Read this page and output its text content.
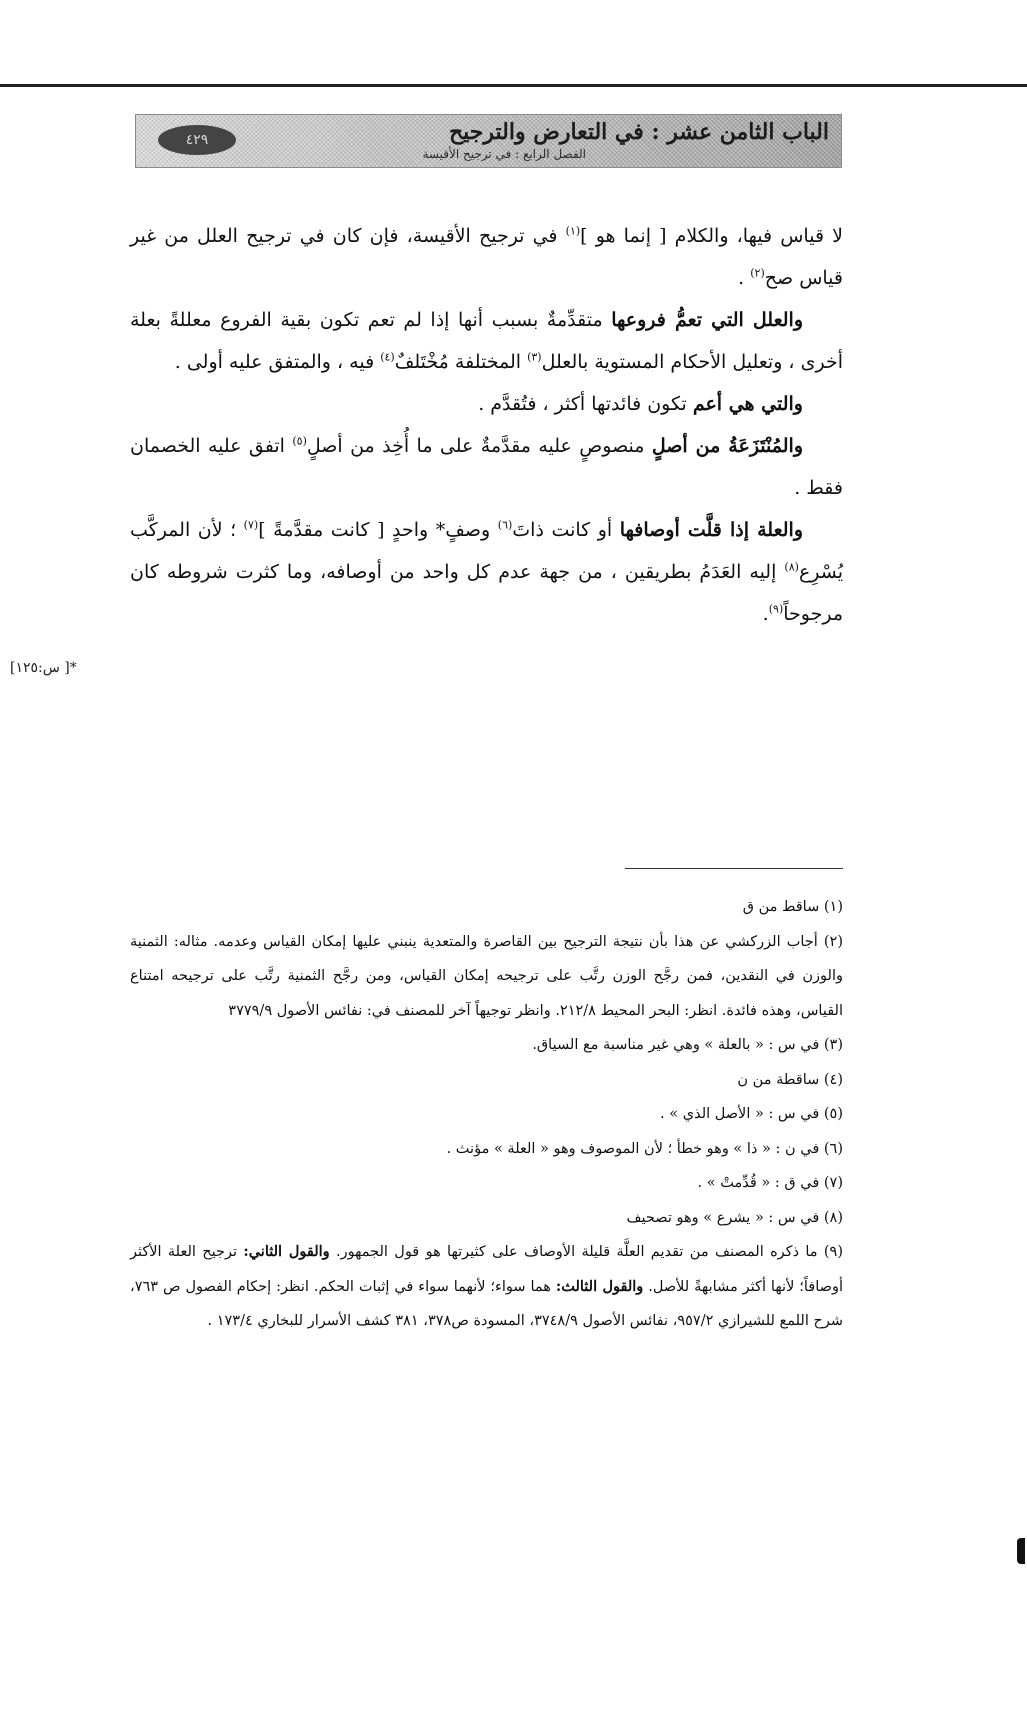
الباب الثامن عشر : في التعارض والترجيح
الفصل الرابع : في ترجيح الأقيسة
٤٢٩

لا قياس فيها، والكلام [ إنما هو ]$^{(١)}$ في ترجيح الأقيسة، فإن كان في ترجيح العلل من غير قياس صح$^{(٢)}$ .

والعلل التي تعمُّ فروعها متقدِّمةٌ بسبب أنها إذا لم تعم تكون بقية الفروع معللةً بعلة أخرى ، وتعليل الأحكام المستوية بالعلل$^{(٣)}$ المختلفة مُخْتَلفٌ$^{(٤)}$ فيه ، والمتفق عليه أولى .

والتي هي أعم تكون فائدتها أكثر ، فتُقدَّم .

والمُنْتَزَعَةُ من أصلٍ منصوصٍ عليه مقدَّمةٌ على ما أُخِذ من أصلٍ$^{(٥)}$ اتفق عليه الخصمان فقط .

والعلة إذا قلَّت أوصافها أو كانت ذاتَ$^{(٦)}$ وصفٍ* واحدٍ [ كانت مقدَّمةً ]$^{(٧)}$ ؛ لأن المركَّب يُسْرِع$^{(٨)}$ إليه العَدَمُ بطريقين ، من جهة عدم كل واحد من أوصافه، وما كثرت شروطه كان مرجوحاً$^{(٩)}$.

*[ س:١٢٥]

(١) ساقط من ق

(٢) أجاب الزركشي عن هذا بأن نتيجة الترجيح بين القاصرة والمتعدية ينبني عليها إمكان القياس وعدمه. مثاله: الثمنية والوزن في النقدين، فمن رجَّح الوزن رتَّب على ترجيحه إمكان القياس، ومن رجَّح الثمنية رتَّب على ترجيحه امتناع القياس، وهذه فائدة. انظر: البحر المحيط ٢١٢/٨. وانظر توجيهاً آخر للمصنف في: نفائس الأصول ٣٧٧٩/٩

(٣) في س : « بالعلة » وهي غير مناسبة مع السياق.

(٤) ساقطة من ن

(٥) في س : « الأصل الذي » .

(٦) في ن : « ذا » وهو خطأ ؛ لأن الموصوف وهو « العلة » مؤنث .

(٧) في ق : « قُدِّمتْ » .

(٨) في س : « يشرع » وهو تصحيف

(٩) ما ذكره المصنف من تقديم العلَّة قليلة الأوصاف على كثيرتها هو قول الجمهور. والقول الثاني: ترجيح العلة الأكثر أوصافاً؛ لأنها أكثر مشابهةً للأصل. والقول الثالث: هما سواء؛ لأنهما سواء في إثبات الحكم. انظر: إحكام الفصول ص ٧٦٣، شرح اللمع للشيرازي ٩٥٧/٢، نفائس الأصول ٣٧٤٨/٩، المسودة ص٣٧٨، ٣٨١ كشف الأسرار للبخاري ١٧٣/٤ .
